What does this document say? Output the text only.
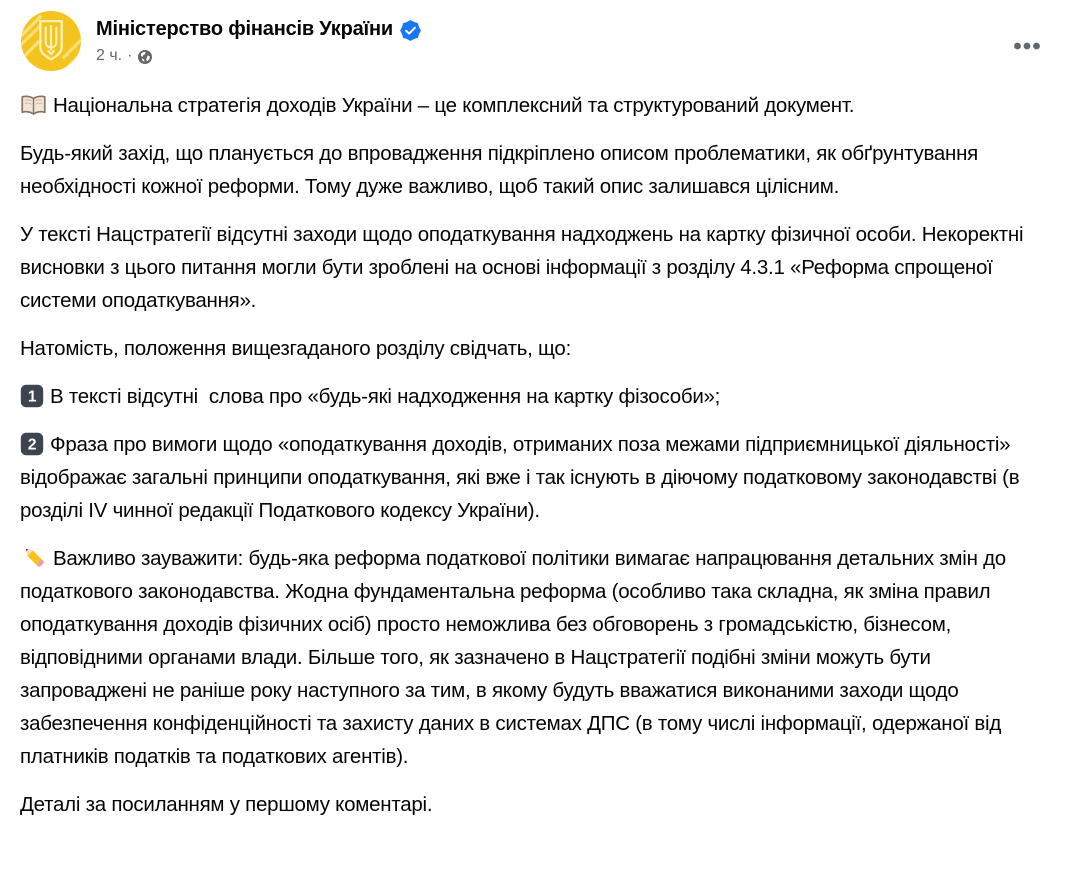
Міністерство фінансів України
2 ч. ·

Національна стратегія доходів України – це комплексний та структурований документ.

Будь-який захід, що планується до впровадження підкріплено описом проблематики, як обґрунтування необхідності кожної реформи. Тому дуже важливо, щоб такий опис залишався цілісним.

У тексті Нацстратегії відсутні заходи щодо оподаткування надходжень на картку фізичної особи. Некоректні висновки з цього питання могли бути зроблені на основі інформації з розділу 4.3.1 «Реформа спрощеної системи оподаткування».

Натомість, положення вищезгаданого розділу свідчать, що:

1 В тексті відсутні  слова про «будь-які надходження на картку фізособи»;

2 Фраза про вимоги щодо «оподаткування доходів, отриманих поза межами підприємницької діяльності» відображає загальні принципи оподаткування, які вже і так існують в діючому податковому законодавстві (в розділі IV чинної редакції Податкового кодексу України).

Важливо зауважити: будь-яка реформа податкової політики вимагає напрацювання детальних змін до податкового законодавства. Жодна фундаментальна реформа (особливо така складна, як зміна правил оподаткування доходів фізичних осіб) просто неможлива без обговорень з громадськістю, бізнесом, відповідними органами влади. Більше того, як зазначено в Нацстратегії подібні зміни можуть бути запроваджені не раніше року наступного за тим, в якому будуть вважатися виконаними заходи щодо забезпечення конфіденційності та захисту даних в системах ДПС (в тому числі інформації, одержаної від платників податків та податкових агентів).

Деталі за посиланням у першому коментарі.
